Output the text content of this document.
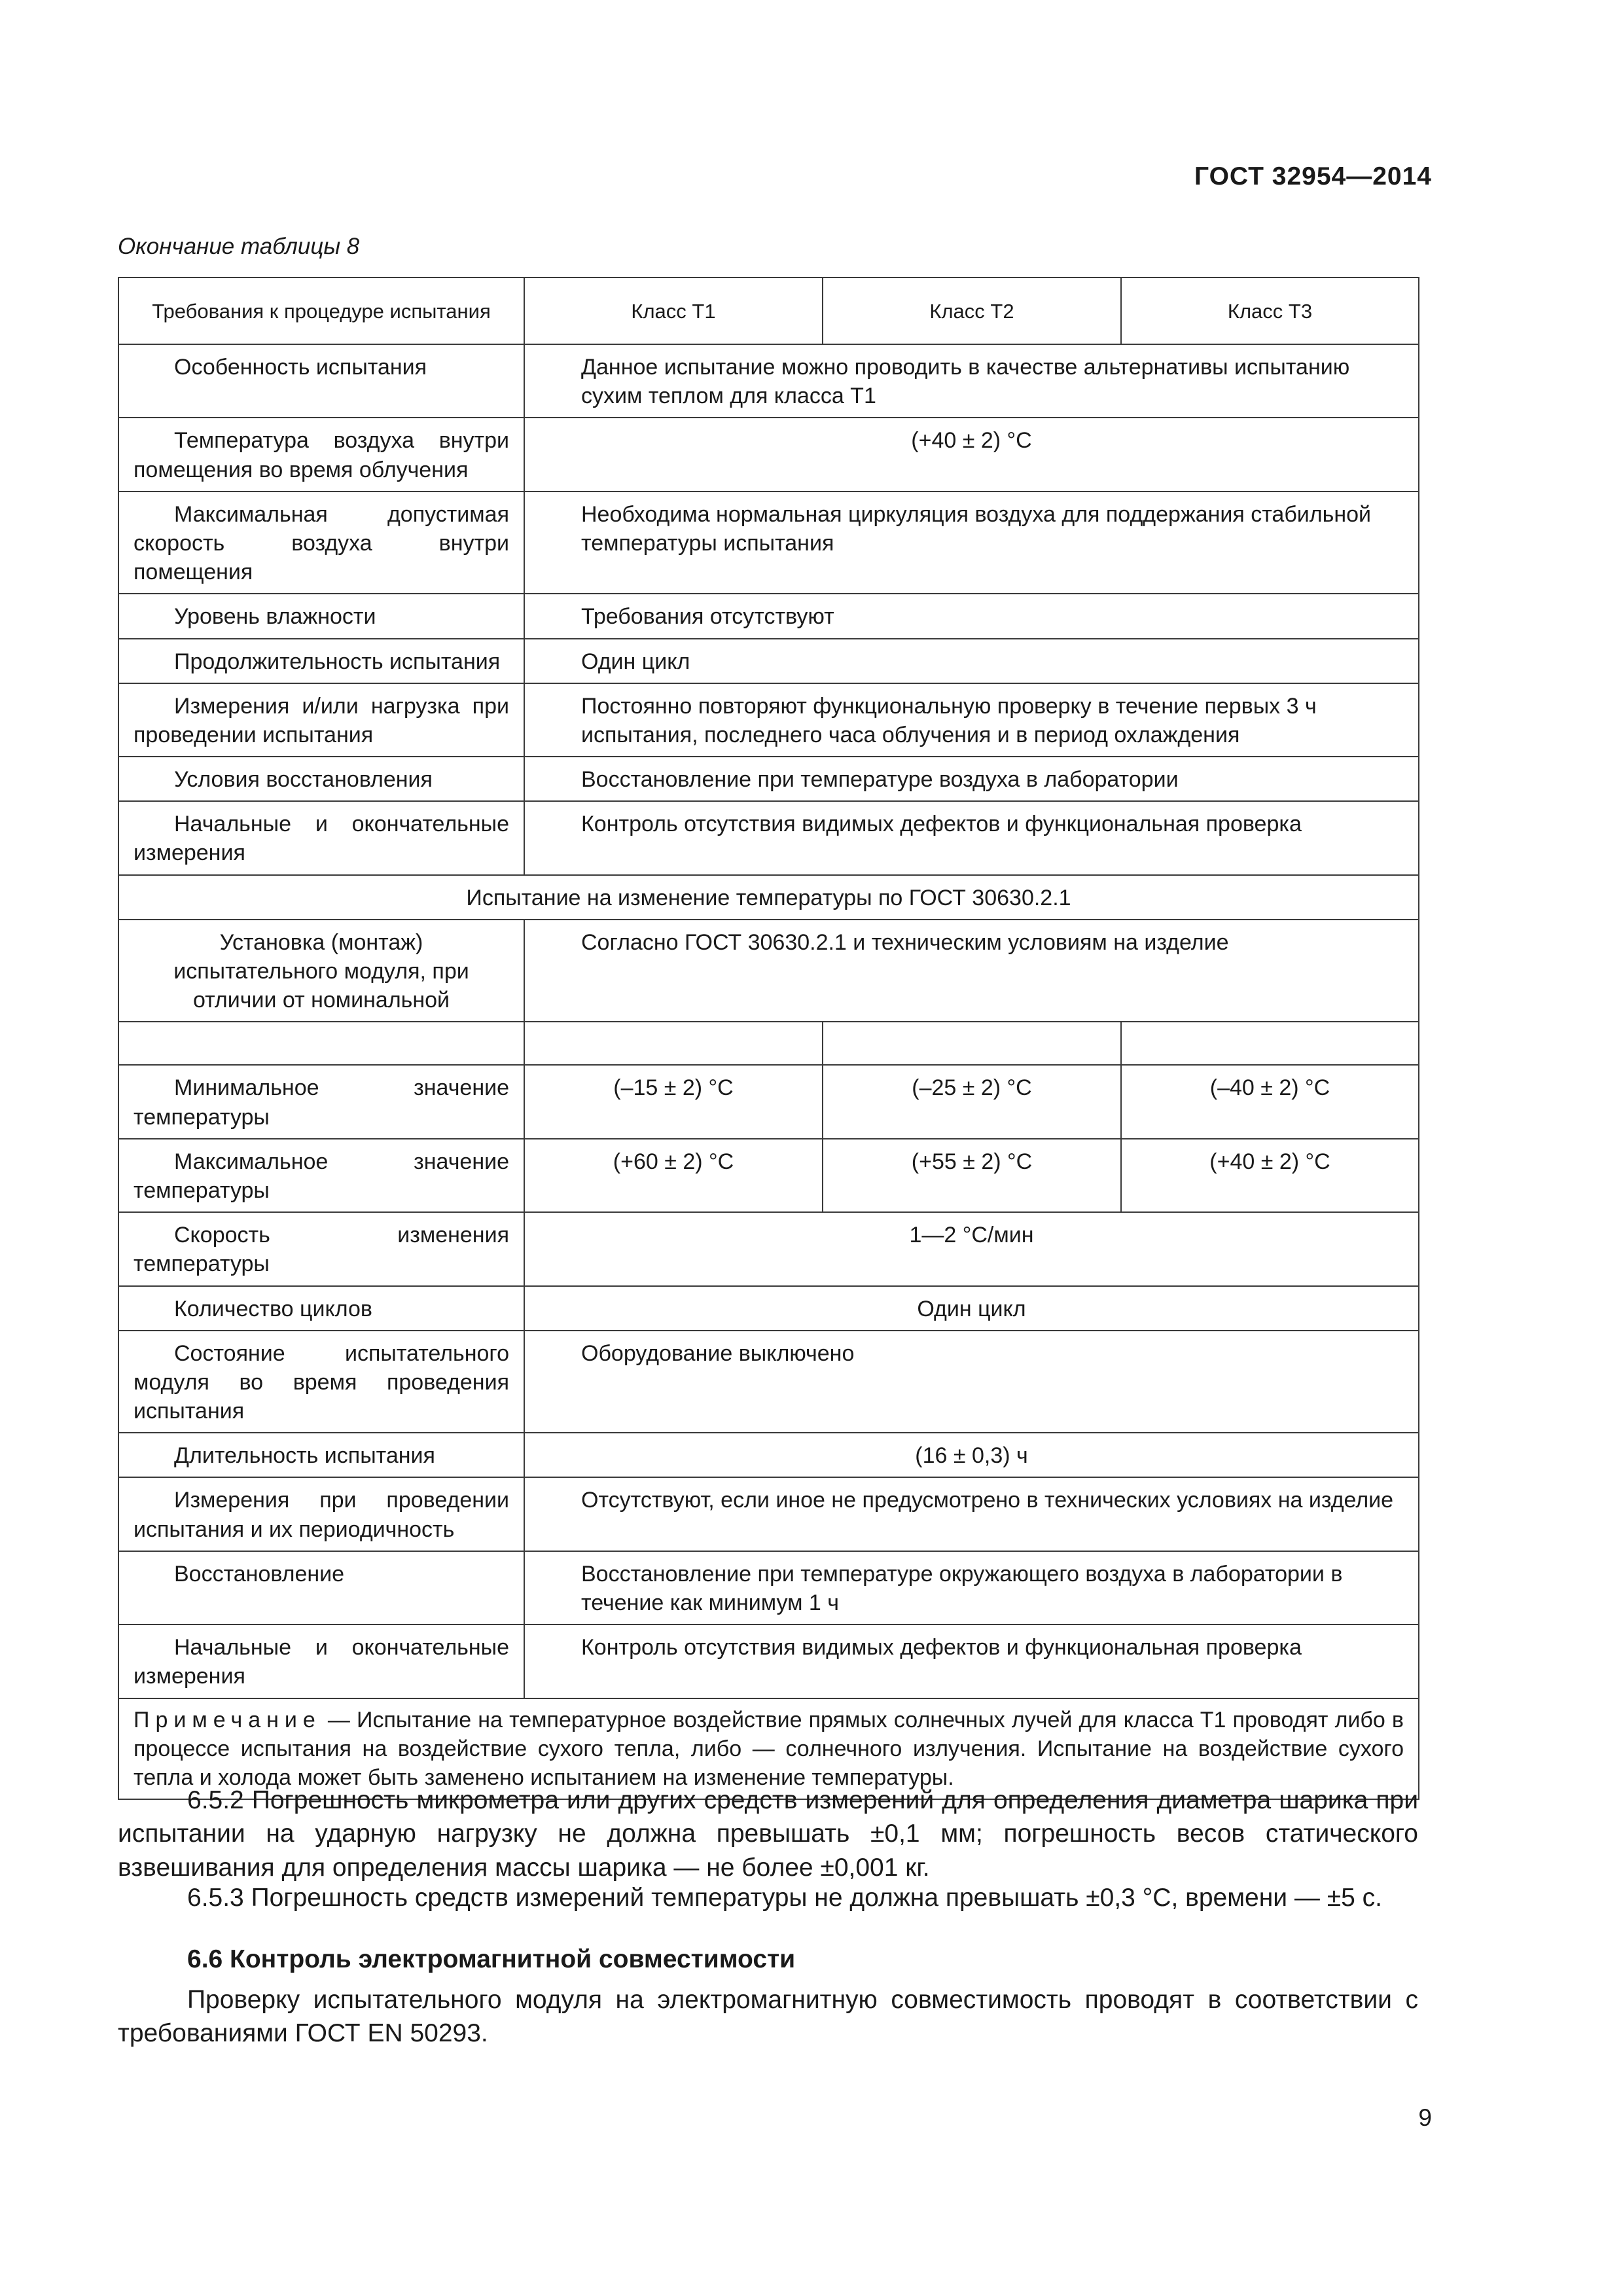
ГОСТ 32954—2014
Окончание таблицы 8
Требования к процедуре испытания	Класс Т1	Класс Т2	Класс Т3
Особенность испытания	Данное испытание можно проводить в качестве альтернативы испытанию сухим теплом для класса Т1		
Температура воздуха внутри помещения во время облучения	(+40 ± 2) °С		
Максимальная допустимая скорость воздуха внутри помещения	Необходима нормальная циркуляция воздуха для поддержания стабильной температуры испытания		
Уровень влажности	Требования отсутствуют		
Продолжительность испытания	Один цикл		
Измерения и/или нагрузка при проведении испытания	Постоянно повторяют функциональную проверку в течение первых 3 ч испытания, последнего часа облучения и в период охлаждения		
Условия восстановления	Восстановление при температуре воздуха в лаборатории		
Начальные и окончательные измерения	Контроль отсутствия видимых дефектов и функциональная проверка		
Испытание на изменение температуры по ГОСТ 30630.2.1			
Установка (монтаж) испытательного модуля, при отличии от номинальной	Согласно ГОСТ 30630.2.1 и техническим условиям на изделие		

Минимальное значение температуры	(–15 ± 2) °С	(–25 ± 2) °С	(–40 ± 2) °С
Максимальное значение температуры	(+60 ± 2) °С	(+55 ± 2) °С	(+40 ± 2) °С
Скорость изменения температуры	1—2 °С/мин		
Количество циклов	Один цикл		
Состояние испытательного модуля во время проведения испытания	Оборудование выключено		
Длительность испытания	(16 ± 0,3) ч		
Измерения при проведении испытания и их периодичность	Отсутствуют, если иное не предусмотрено в технических условиях на изделие		
Восстановление	Восстановление при температуре окружающего воздуха в лаборатории в течение как минимум 1 ч		
Начальные и окончательные измерения	Контроль отсутствия видимых дефектов и функциональная проверка		
Примечание — Испытание на температурное воздействие прямых солнечных лучей для класса Т1 проводят либо в процессе испытания на воздействие сухого тепла, либо — солнечного излучения. Испытание на воздействие сухого тепла и холода может быть заменено испытанием на изменение температуры.			
6.5.2 Погрешность микрометра или других средств измерений для определения диаметра шарика при испытании на ударную нагрузку не должна превышать ±0,1 мм; погрешность весов статического взвешивания для определения массы шарика — не более ±0,001 кг.
6.5.3 Погрешность средств измерений температуры не должна превышать ±0,3 °С, времени — ±5 с.
6.6 Контроль электромагнитной совместимости
Проверку испытательного модуля на электромагнитную совместимость проводят в соответствии с требованиями ГОСТ EN 50293.
9
